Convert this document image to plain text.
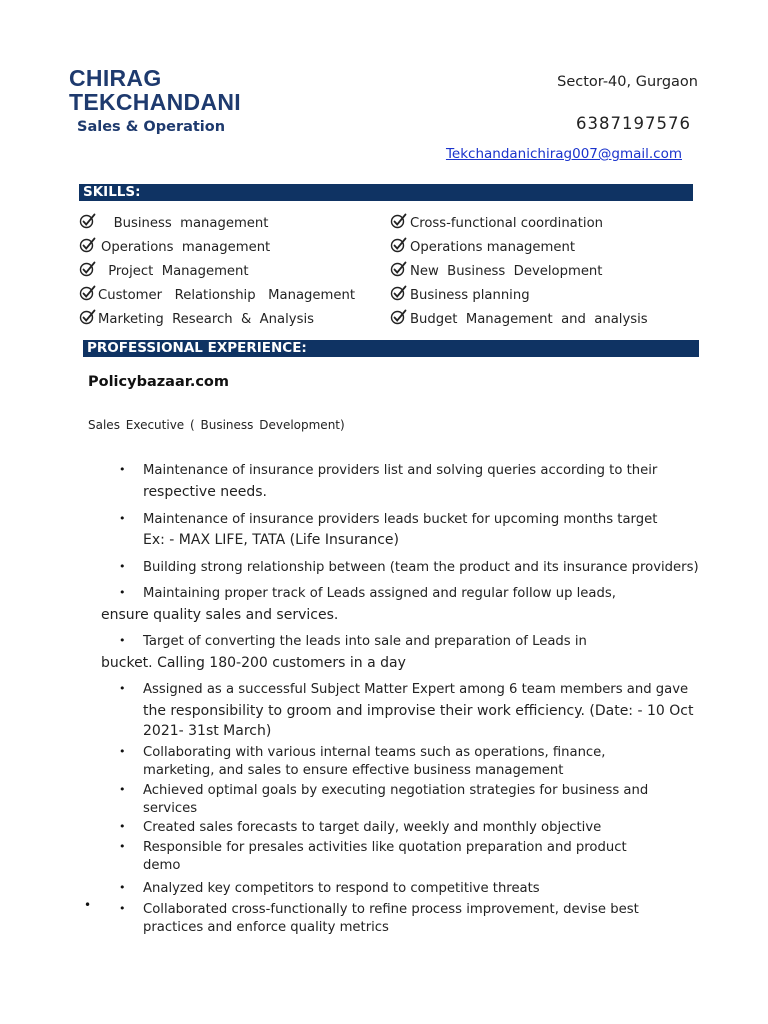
CHIRAG
TEKCHANDANI
Sales & Operation
Sector-40, Gurgaon
6387197576
Tekchandanichirag007@gmail.com
SKILLS:
Business  management
Operations  management
Project  Management
Customer   Relationship   Management
Marketing  Research  &  Analysis
Cross-functional coordination
Operations management
New  Business  Development
Business planning
Budget  Management  and  analysis
PROFESSIONAL EXPERIENCE:
Policybazaar.com
Sales Executive ( Business Development)
• Maintenance of insurance providers list and solving queries according to their
respective needs.
• Maintenance of insurance providers leads bucket for upcoming months target
Ex: - MAX LIFE, TATA (Life Insurance)
• Building strong relationship between (team the product and its insurance providers)
• Maintaining proper track of Leads assigned and regular follow up leads,
ensure quality sales and services.
• Target of converting the leads into sale and preparation of Leads in
bucket. Calling 180-200 customers in a day
• Assigned as a successful Subject Matter Expert among 6 team members and gave
the responsibility to groom and improvise their work efficiency. (Date: - 10 Oct
2021- 31st March)
• Collaborating with various internal teams such as operations, finance,
marketing, and sales to ensure effective business management
• Achieved optimal goals by executing negotiation strategies for business and
services
• Created sales forecasts to target daily, weekly and monthly objective
• Responsible for presales activities like quotation preparation and product
demo
• Analyzed key competitors to respond to competitive threats
• Collaborated cross-functionally to refine process improvement, devise best
practices and enforce quality metrics
•
